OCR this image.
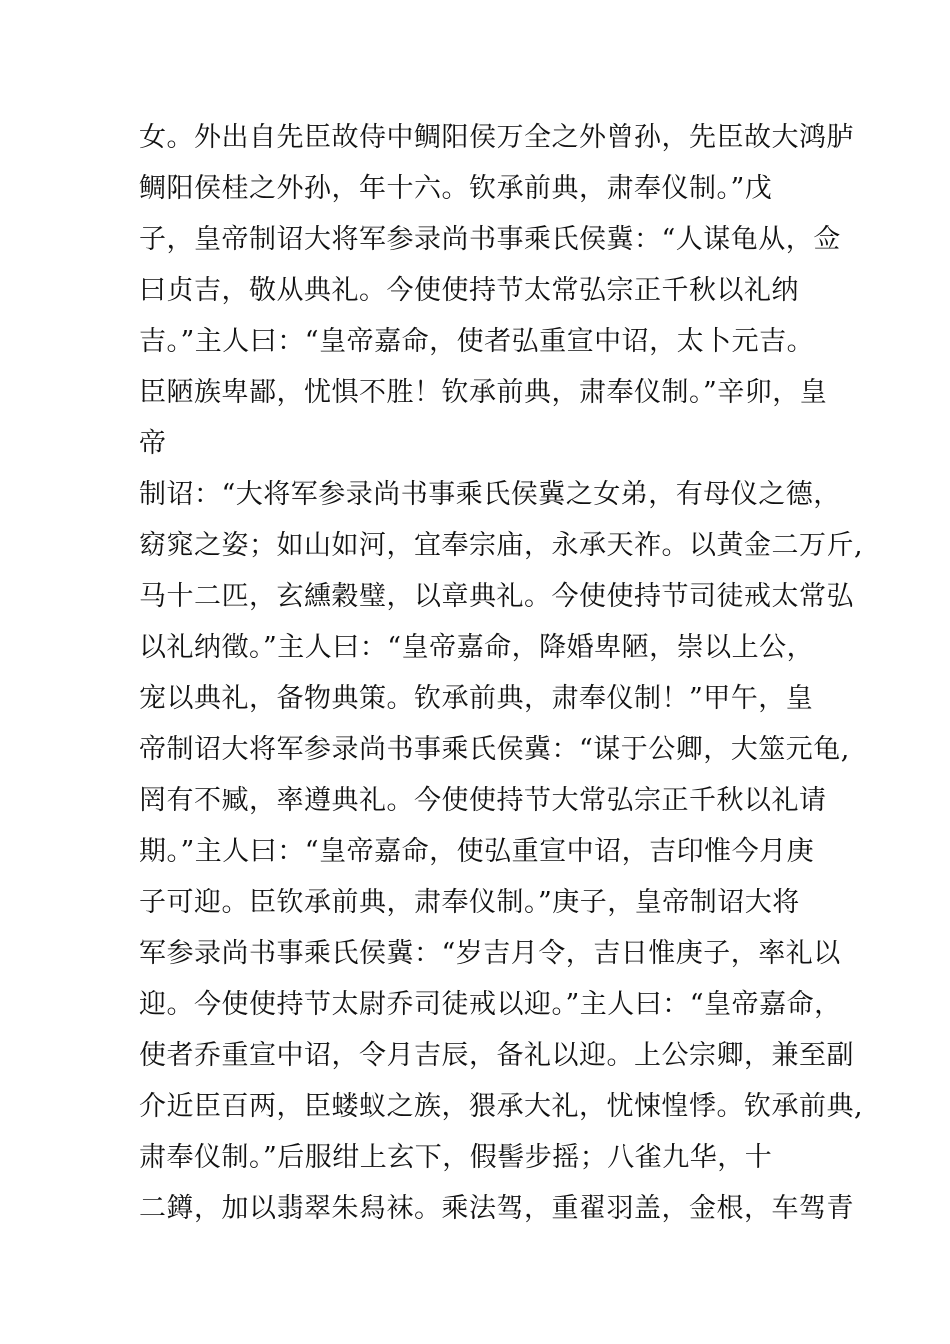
女。外出自先臣故侍中鲷阳侯万全之外曾孙，先臣故大鸿胪
鲷阳侯桂之外孙，年十六。钦承前典，肃奉仪制。”戊
子，皇帝制诏大将军参录尚书事乘氏侯冀：“人谋龟从，佥
曰贞吉，敬从典礼。今使使持节太常弘宗正千秋以礼纳
吉。”主人曰：“皇帝嘉命，使者弘重宣中诏，太卜元吉。
臣陋族卑鄙，忧惧不胜！钦承前典，肃奉仪制。”辛卯，皇
帝
制诏：“大将军参录尚书事乘氏侯冀之女弟，有母仪之德，
窈窕之姿；如山如河，宜奉宗庙，永承天祚。以黄金二万斤,
马十二匹，玄纁穀璧，以章典礼。今使使持节司徒戒太常弘
以礼纳徵。”主人曰：“皇帝嘉命，降婚卑陋，崇以上公，
宠以典礼，备物典策。钦承前典，肃奉仪制！”甲午，皇
帝制诏大将军参录尚书事乘氏侯冀：“谋于公卿，大筮元龟,
罔有不臧，率遵典礼。今使使持节大常弘宗正千秋以礼请
期。”主人曰：“皇帝嘉命，使弘重宣中诏，吉印惟今月庚
子可迎。臣钦承前典，肃奉仪制。”庚子，皇帝制诏大将
军参录尚书事乘氏侯冀：“岁吉月令，吉日惟庚子，率礼以
迎。今使使持节太尉乔司徒戒以迎。”主人曰：“皇帝嘉命，
使者乔重宣中诏，令月吉辰，备礼以迎。上公宗卿，兼至副
介近臣百两，臣蝼蚁之族，猥承大礼，忧悚惶悸。钦承前典,
肃奉仪制。”后服绀上玄下，假髻步摇；八雀九华，十
二鐏，加以翡翠朱舄袜。乘法驾，重翟羽盖，金根，车驾青
